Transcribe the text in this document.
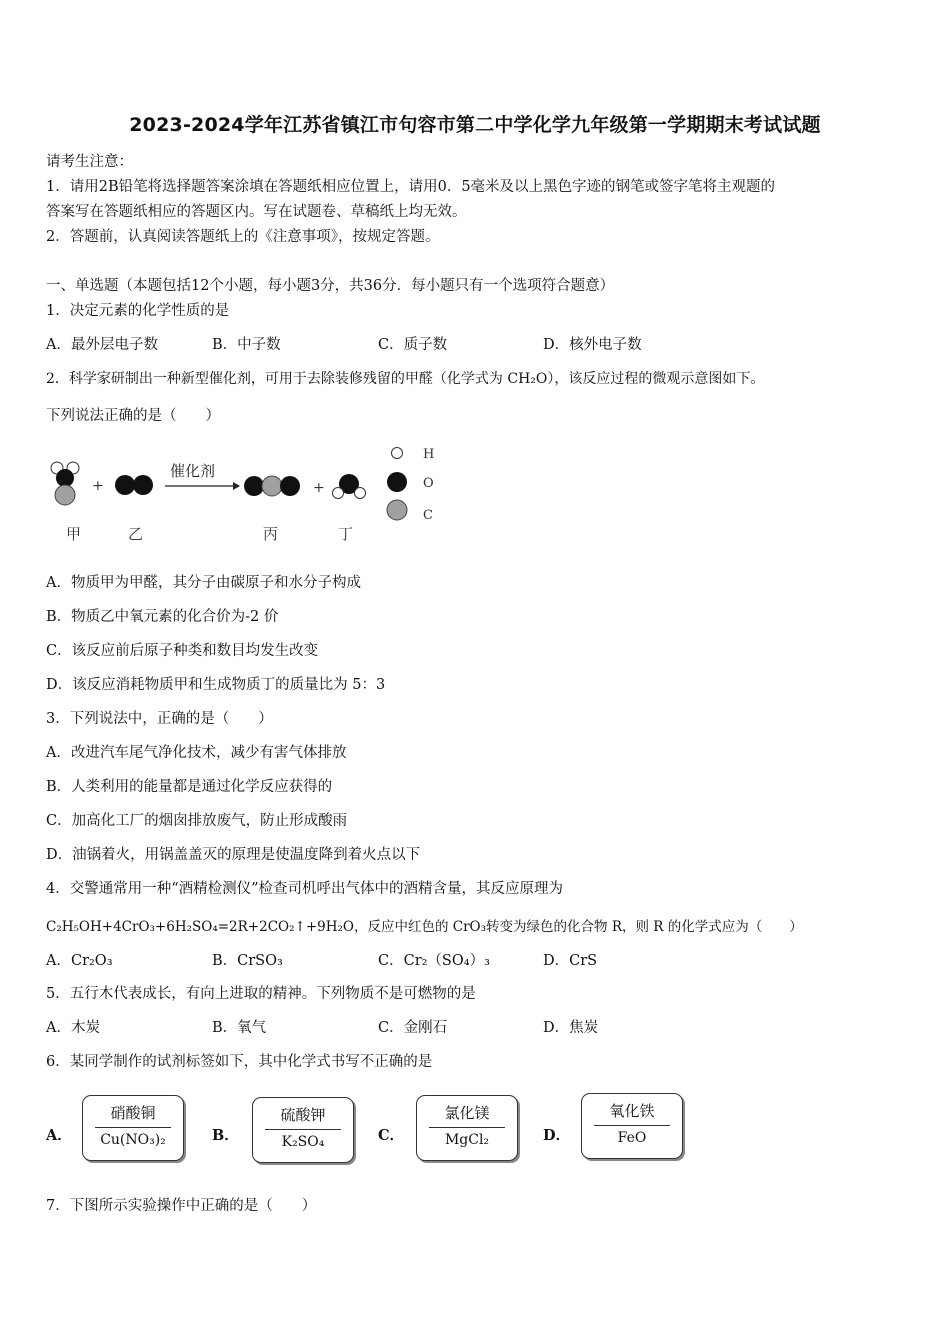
2023-2024学年江苏省镇江市句容市第二中学化学九年级第一学期期末考试试题
请考生注意：
1．请用2B铅笔将选择题答案涂填在答题纸相应位置上，请用0．5毫米及以上黑色字迹的钢笔或签字笔将主观题的
答案写在答题纸相应的答题区内。写在试题卷、草稿纸上均无效。
2．答题前，认真阅读答题纸上的《注意事项》，按规定答题。
一、单选题（本题包括12个小题，每小题3分，共36分．每小题只有一个选项符合题意）
1．决定元素的化学性质的是
A．最外层电子数	B．中子数	C．质子数	D．核外电子数
2．科学家研制出一种新型催化剂，可用于去除装修残留的甲醛（化学式为 CH₂O），该反应过程的微观示意图如下。
下列说法正确的是（　　）
+
催化剂
+
甲	乙	丙	丁
H
O
C
A．物质甲为甲醛，其分子由碳原子和水分子构成
B．物质乙中氧元素的化合价为-2 价
C．该反应前后原子种类和数目均发生改变
D．该反应消耗物质甲和生成物质丁的质量比为 5：3
3．下列说法中，正确的是（　　）
A．改进汽车尾气净化技术，减少有害气体排放
B．人类利用的能量都是通过化学反应获得的
C．加高化工厂的烟囱排放废气，防止形成酸雨
D．油锅着火，用锅盖盖灭的原理是使温度降到着火点以下
4．交警通常用一种“酒精检测仪”检查司机呼出气体中的酒精含量，其反应原理为
C₂H₅OH+4CrO₃+6H₂SO₄=2R+2CO₂↑+9H₂O，反应中红色的 CrO₃转变为绿色的化合物 R，则 R 的化学式应为（　　）
A．Cr₂O₃	B．CrSO₃	C．Cr₂（SO₄）₃	D．CrS
5．五行木代表成长，有向上进取的精神。下列物质不是可燃物的是
A．木炭	B．氧气	C．金刚石	D．焦炭
6．某同学制作的试剂标签如下，其中化学式书写不正确的是
A．
硝酸铜
Cu(NO₃)₂	B．
硫酸钾
K₂SO₄	C．
氯化镁
MgCl₂	D．
氧化铁
FeO
7．下图所示实验操作中正确的是（　　）
